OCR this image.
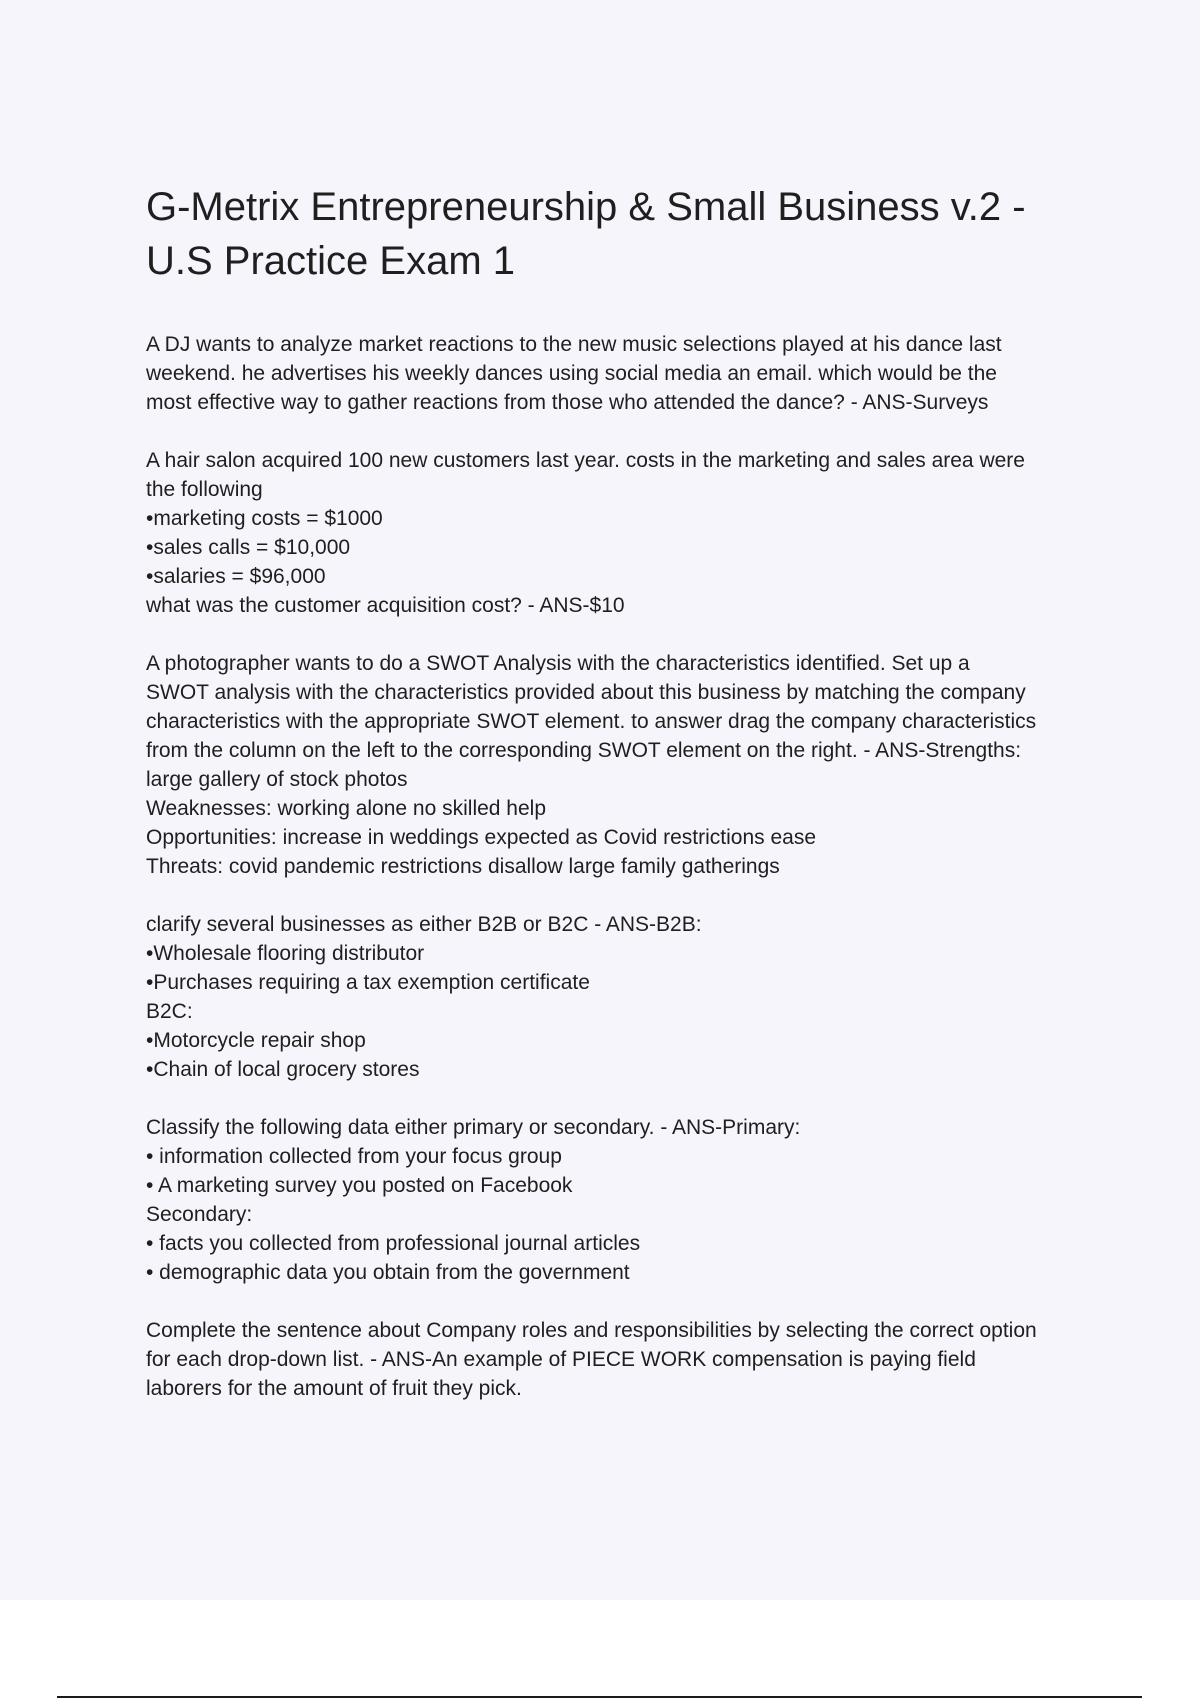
G-Metrix Entrepreneurship & Small Business v.2 -
U.S Practice Exam 1

A DJ wants to analyze market reactions to the new music selections played at his dance last
weekend. he advertises his weekly dances using social media an email. which would be the
most effective way to gather reactions from those who attended the dance? - ANS-Surveys

A hair salon acquired 100 new customers last year. costs in the marketing and sales area were
the following
•marketing costs = $1000
•sales calls = $10,000
•salaries = $96,000
what was the customer acquisition cost? - ANS-$10

A photographer wants to do a SWOT Analysis with the characteristics identified. Set up a
SWOT analysis with the characteristics provided about this business by matching the company
characteristics with the appropriate SWOT element. to answer drag the company characteristics
from the column on the left to the corresponding SWOT element on the right. - ANS-Strengths:
large gallery of stock photos
Weaknesses: working alone no skilled help
Opportunities: increase in weddings expected as Covid restrictions ease
Threats: covid pandemic restrictions disallow large family gatherings

clarify several businesses as either B2B or B2C - ANS-B2B:
•Wholesale flooring distributor
•Purchases requiring a tax exemption certificate
B2C:
•Motorcycle repair shop
•Chain of local grocery stores

Classify the following data either primary or secondary. - ANS-Primary:
• information collected from your focus group
• A marketing survey you posted on Facebook
Secondary:
• facts you collected from professional journal articles
• demographic data you obtain from the government

Complete the sentence about Company roles and responsibilities by selecting the correct option
for each drop-down list. - ANS-An example of PIECE WORK compensation is paying field
laborers for the amount of fruit they pick.
